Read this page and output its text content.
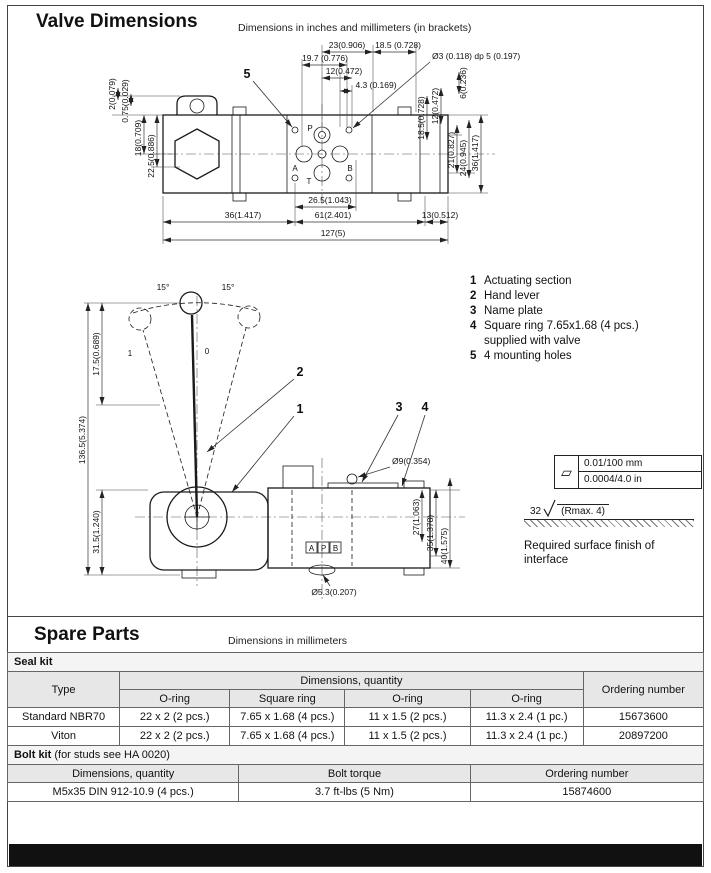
Valve Dimensions	Dimensions in inches and millimeters (in brackets)
P
A	B
T
23(0.906) 18.5 (0.728)
19.7 (0.776)
12(0.472)
4.3 (0.169)
Ø3 (0.118) dp 5 (0.197)
18.5(0.728) 12(0.472)
6(0.236)
2(0.079) 0.75(0.029)
18(0.709) 22.5(0.886)	21(0.827) 24(0.945) 36(1.417)
26.5(1.043)
36(1.417)	61(2.401)	13(0.512)
127(5)
5
15°	15°
1	0
A P B
Ø9(0.354)
Ø5.3(0.207)
17.5(0.689)
136.5(5.374)
31.5(1.240)	27(1.063) 35(1.378) 40(1.575)
2
1	3 4
1 Actuating section
2 Hand lever
3 Name plate
4 Square ring 7.65x1.68 (4 pcs.)
supplied with valve
5 4 mounting holes
▱	0.01/100 mm
0.0004/4.0 in
32	(Rmax. 4)
Required surface finish of interface
Spare Parts	Dimensions in millimeters
Seal kit					
Type	Dimensions, quantity				Ordering number
	O-ring	Square ring	O-ring	O-ring	
Standard NBR70	22 x 2 (2 pcs.)	7.65 x 1.68 (4 pcs.)	11 x 1.5 (2 pcs.)	11.3 x 2.4 (1 pc.)	15673600
Viton	22 x 2 (2 pcs.)	7.65 x 1.68 (4 pcs.)	11 x 1.5 (2 pcs.)	11.3 x 2.4 (1 pc.)	20897200
Bolt kit (for studs see HA 0020)		
Dimensions, quantity	Bolt torque	Ordering number
M5x35 DIN 912-10.9 (4 pcs.)	3.7 ft-lbs (5 Nm)	15874600
